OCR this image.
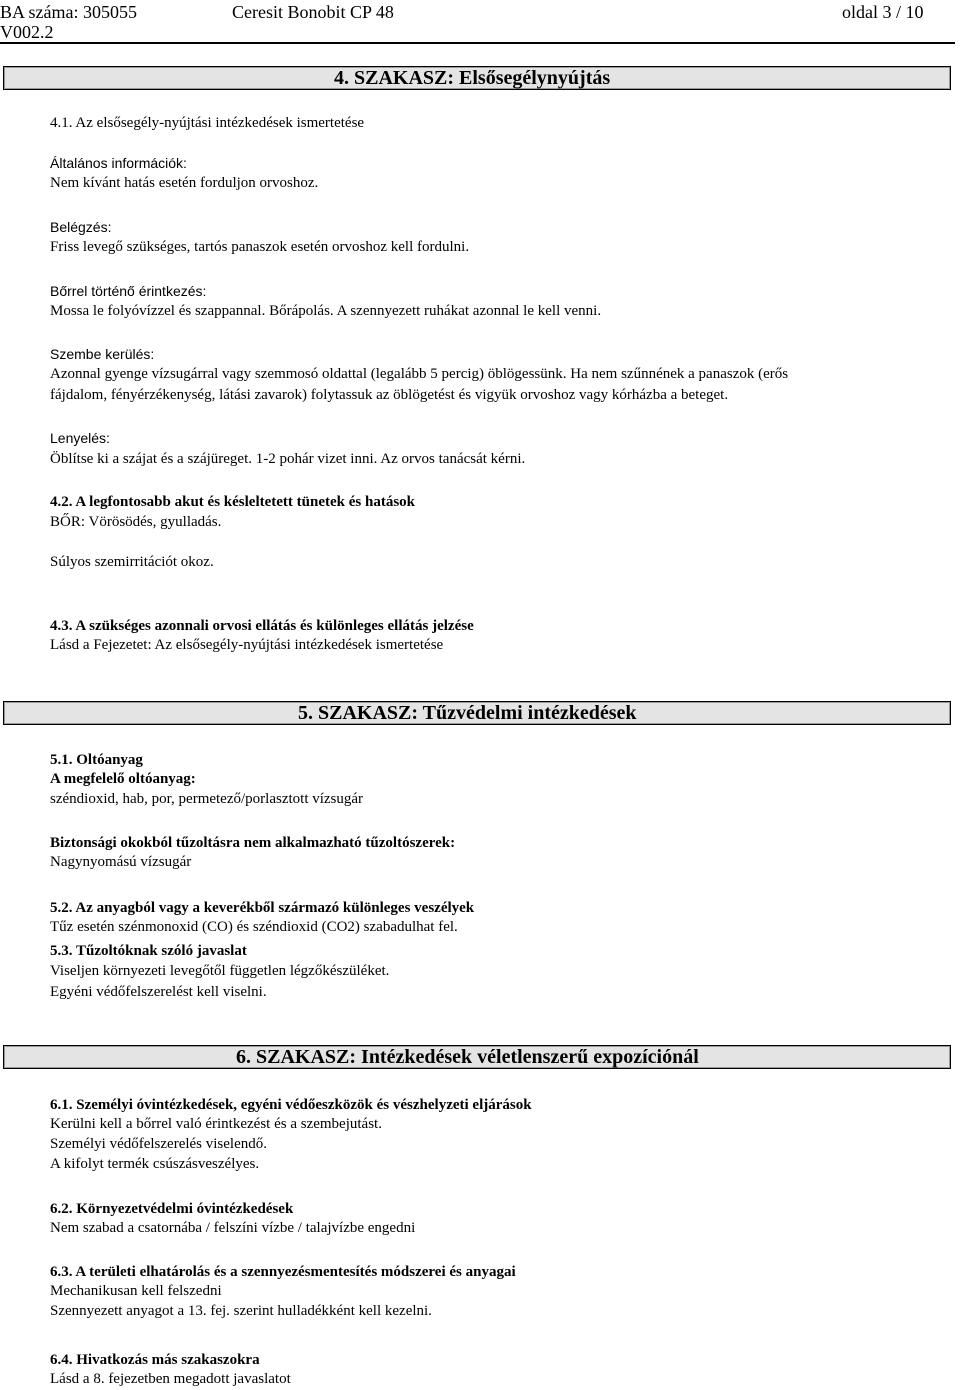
BA száma: 305055
V002.2
Ceresit Bonobit CP 48	oldal 3 / 10
4. SZAKASZ: Elsősegélynyújtás
4.1. Az elsősegély-nyújtási intézkedések ismertetése
Általános információk:
Nem kívánt hatás esetén forduljon orvoshoz.
Belégzés:
Friss levegő szükséges, tartós panaszok esetén orvoshoz kell fordulni.
Bőrrel történő érintkezés:
Mossa le folyóvízzel és szappannal. Bőrápolás. A szennyezett ruhákat azonnal le kell venni.
Szembe kerülés:
Azonnal gyenge vízsugárral vagy szemmosó oldattal (legalább 5 percig) öblögessünk. Ha nem szűnnének a panaszok (erős
fájdalom, fényérzékenység, látási zavarok) folytassuk az öblögetést és vigyük orvoshoz vagy kórházba a beteget.
Lenyelés:
Öblítse ki a szájat és a szájüreget. 1-2 pohár vizet inni. Az orvos tanácsát kérni.
4.2. A legfontosabb akut és késleltetett tünetek és hatások
BŐR: Vörösödés, gyulladás.
Súlyos szemirritációt okoz.
4.3. A szükséges azonnali orvosi ellátás és különleges ellátás jelzése
Lásd a Fejezetet: Az elsősegély-nyújtási intézkedések ismertetése
5. SZAKASZ: Tűzvédelmi intézkedések
5.1. Oltóanyag
A megfelelő oltóanyag:
széndioxid, hab, por, permetező/porlasztott vízsugár
Biztonsági okokból tűzoltásra nem alkalmazható tűzoltószerek:
Nagynyomású vízsugár
5.2. Az anyagból vagy a keverékből származó különleges veszélyek
Tűz esetén szénmonoxid (CO) és széndioxid (CO2) szabadulhat fel.
5.3. Tűzoltóknak szóló javaslat
Viseljen környezeti levegőtől független légzőkészüléket.
Egyéni védőfelszerelést kell viselni.
6. SZAKASZ: Intézkedések véletlenszerű expozíciónál
6.1. Személyi óvintézkedések, egyéni védőeszközök és vészhelyzeti eljárások
Kerülni kell a bőrrel való érintkezést és a szembejutást.
Személyi védőfelszerelés viselendő.
A kifolyt termék csúszásveszélyes.
6.2. Környezetvédelmi óvintézkedések
Nem szabad a csatornába / felszíni vízbe / talajvízbe engedni
6.3. A területi elhatárolás és a szennyezésmentesítés módszerei és anyagai
Mechanikusan kell felszedni
Szennyezett anyagot a 13. fej. szerint hulladékként kell kezelni.
6.4. Hivatkozás más szakaszokra
Lásd a 8. fejezetben megadott javaslatot
